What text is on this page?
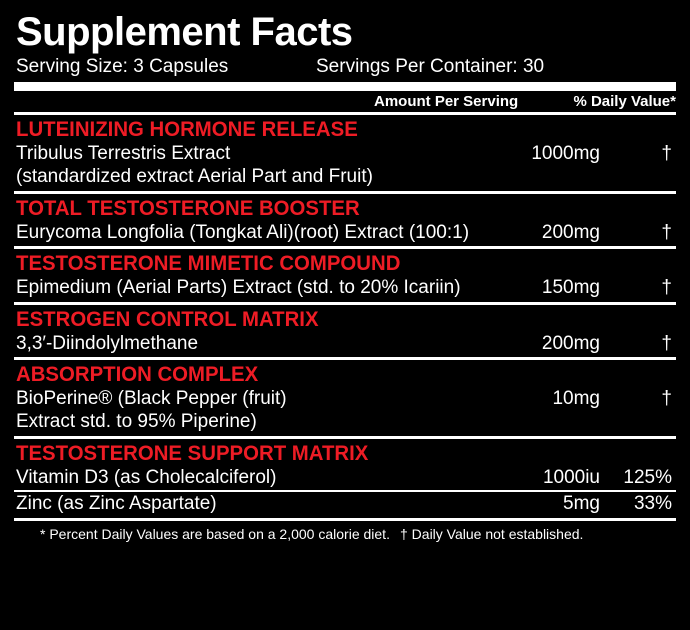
Supplement Facts
Serving Size: 3 Capsules	Servings Per Container: 30
Amount Per Serving	% Daily Value*
LUTEINIZING HORMONE RELEASE
Tribulus Terrestris Extract	1000mg	†
(standardized extract Aerial Part and Fruit)
TOTAL TESTOSTERONE BOOSTER
Eurycoma Longfolia (Tongkat Ali)(root) Extract (100:1)	200mg	†
TESTOSTERONE MIMETIC COMPOUND
Epimedium (Aerial Parts) Extract (std. to 20% Icariin)	150mg	†
ESTROGEN CONTROL MATRIX
3,3′-Diindolylmethane	200mg	†
ABSORPTION COMPLEX
BioPerine® (Black Pepper (fruit)	10mg	†
Extract std. to 95% Piperine)
TESTOSTERONE SUPPORT MATRIX
Vitamin D3 (as Cholecalciferol)	1000iu	125%
Zinc (as Zinc Aspartate)	5mg	33%
* Percent Daily Values are based on a 2,000 calorie diet. † Daily Value not established.
